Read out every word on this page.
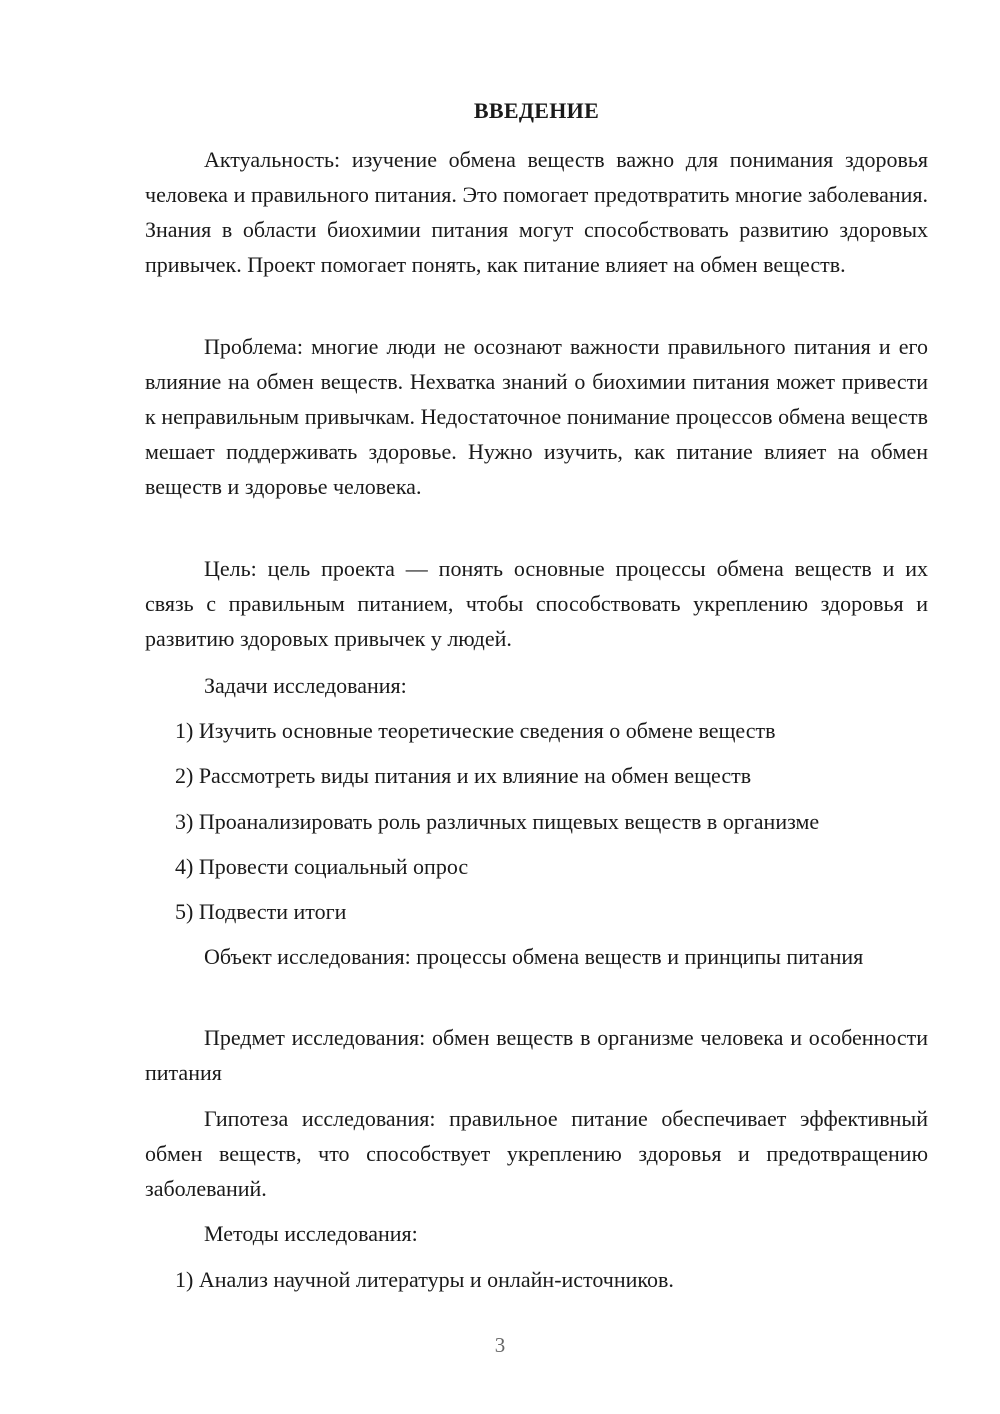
ВВЕДЕНИЕ

Актуальность: изучение обмена веществ важно для понимания здоровья человека и правильного питания. Это помогает предотвратить многие заболевания. Знания в области биохимии питания могут способствовать развитию здоровых привычек. Проект помогает понять, как питание влияет на обмен веществ.

Проблема: многие люди не осознают важности правильного питания и его влияние на обмен веществ. Нехватка знаний о биохимии питания может привести к неправильным привычкам. Недостаточное понимание процессов обмена веществ мешает поддерживать здоровье. Нужно изучить, как питание влияет на обмен веществ и здоровье человека.

Цель: цель проекта — понять основные процессы обмена веществ и их связь с правильным питанием, чтобы способствовать укреплению здоровья и развитию здоровых привычек у людей.

Задачи исследования:
1) Изучить основные теоретические сведения о обмене веществ
2) Рассмотреть виды питания и их влияние на обмен веществ
3) Проанализировать роль различных пищевых веществ в организме
4) Провести социальный опрос
5) Подвести итоги

Объект исследования: процессы обмена веществ и принципы питания

Предмет исследования: обмен веществ в организме человека и особенности питания

Гипотеза исследования: правильное питание обеспечивает эффективный обмен веществ, что способствует укреплению здоровья и предотвращению заболеваний.

Методы исследования:
1) Анализ научной литературы и онлайн-источников.
3
